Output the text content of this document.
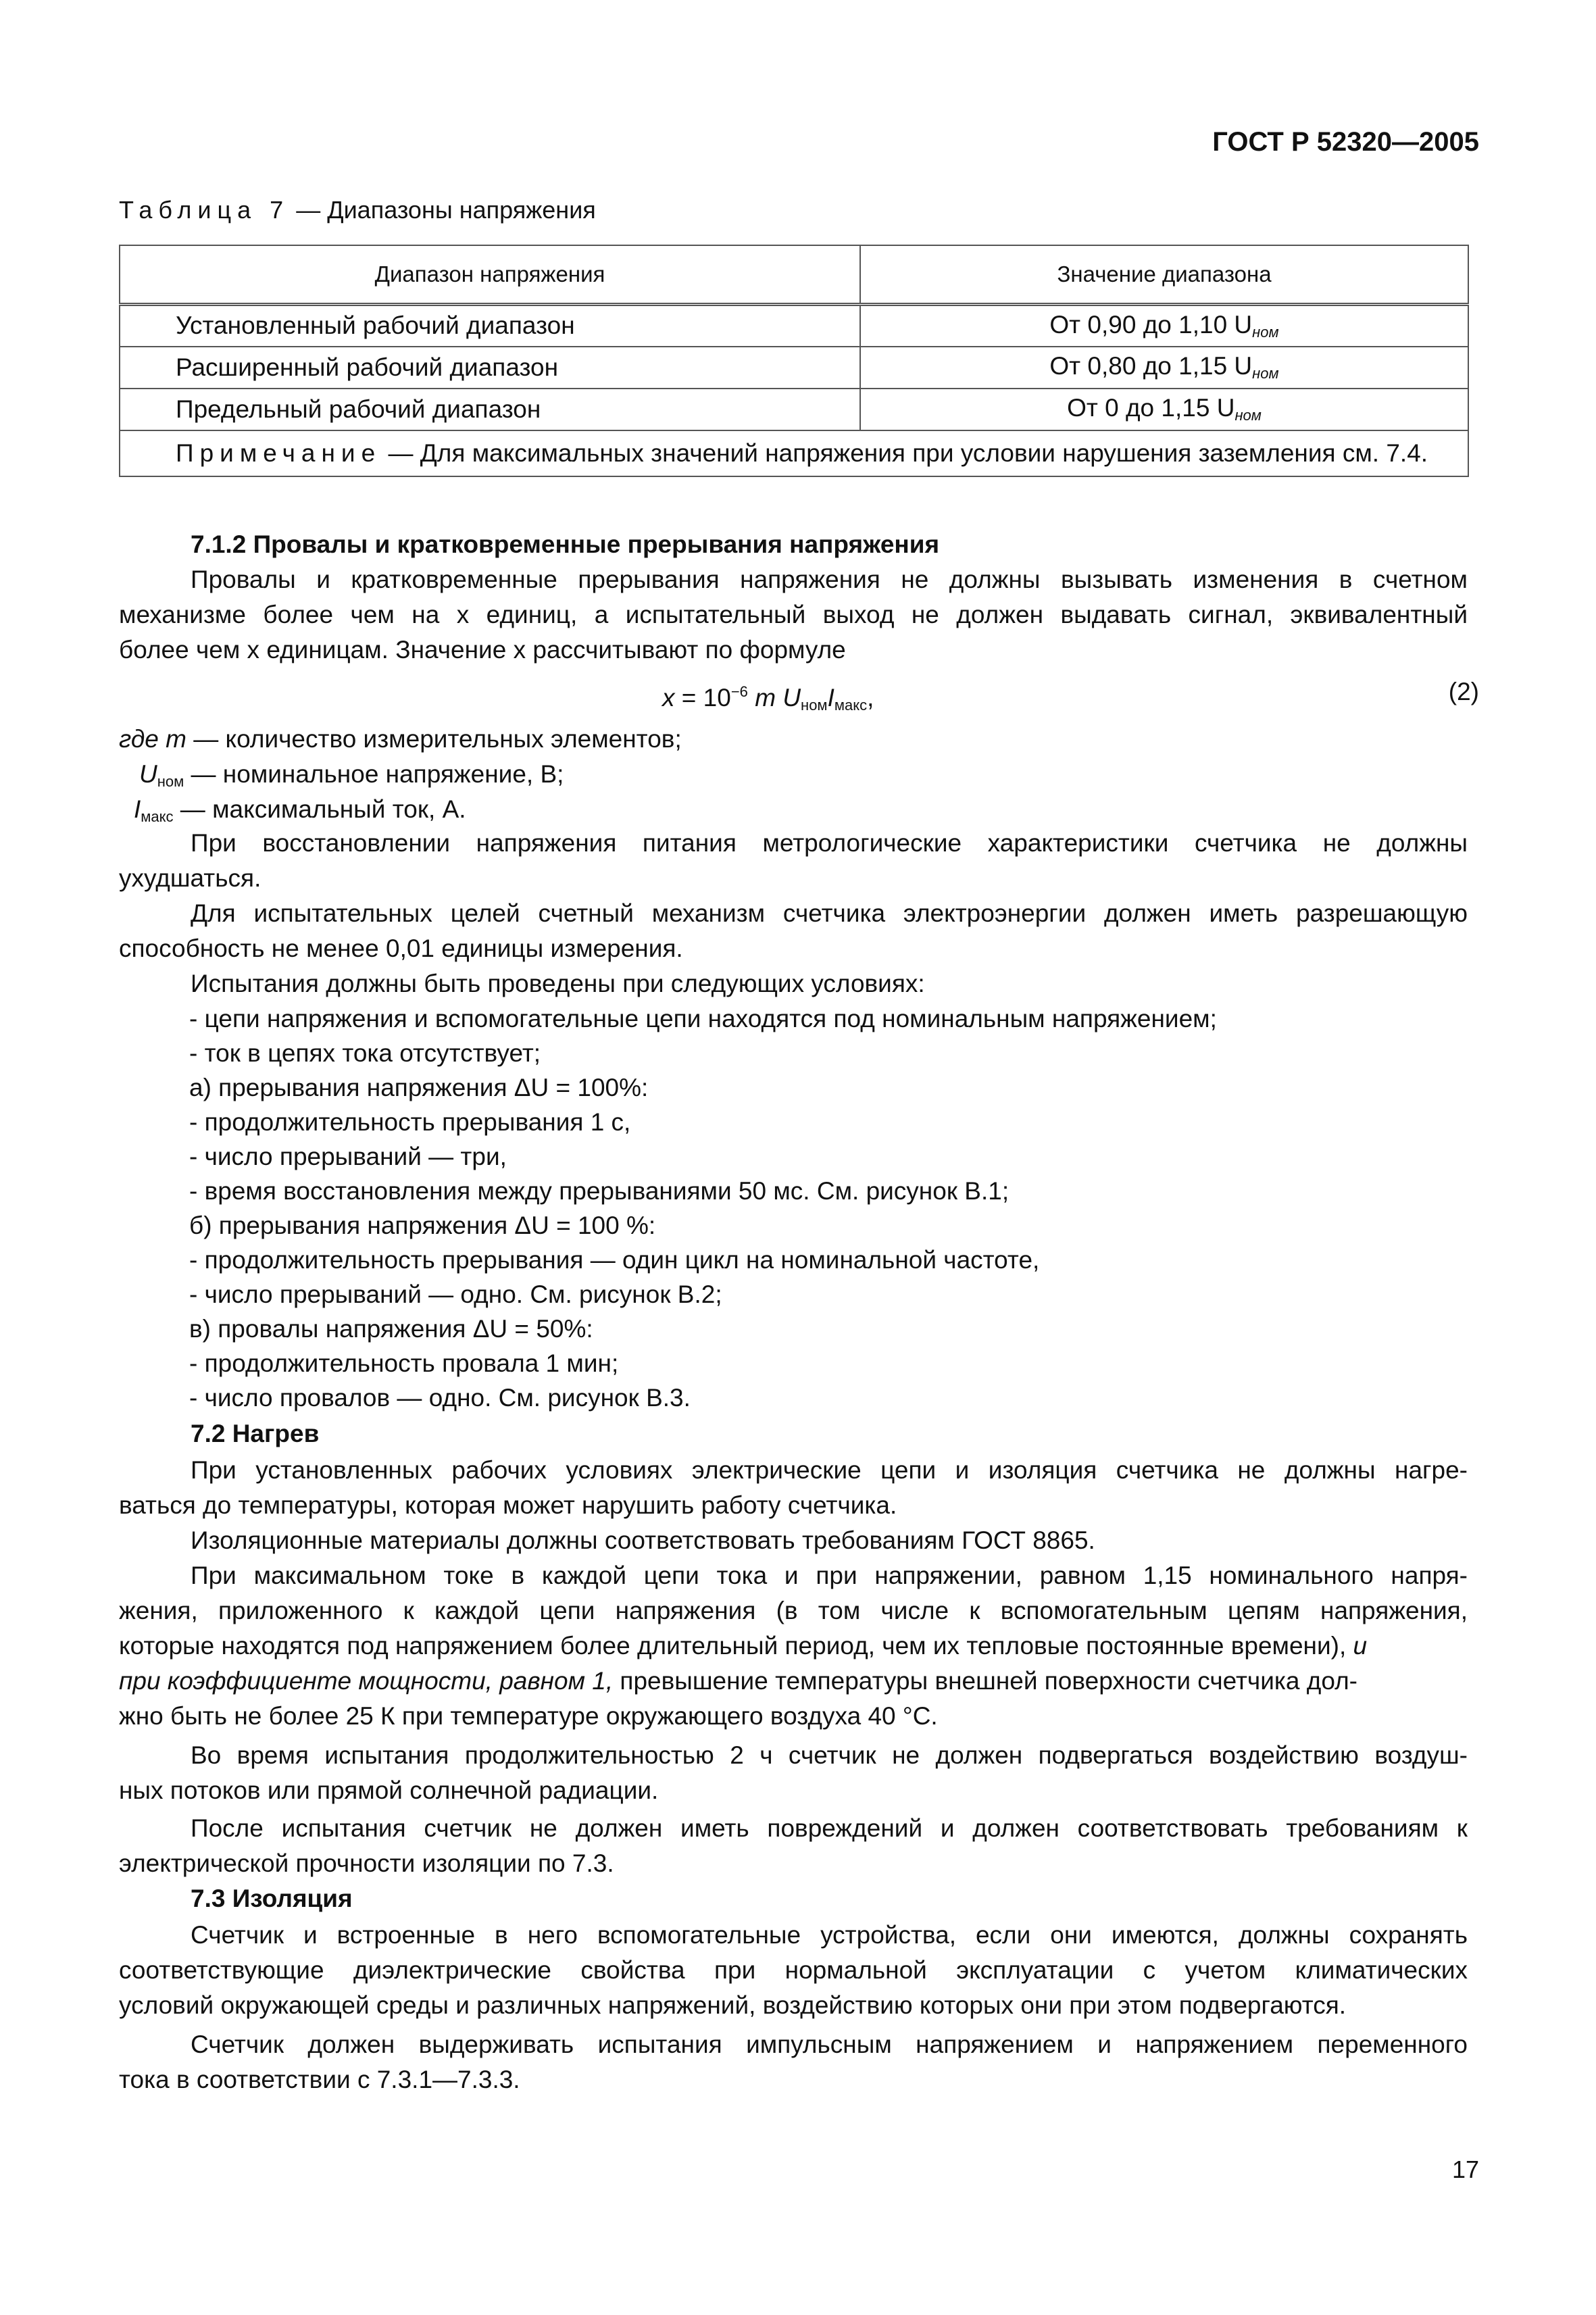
ГОСТ Р 52320—2005
Таблица 7 — Диапазоны напряжения
Диапазон напряжения	Значение диапазона
Установленный рабочий диапазон	От 0,90 до 1,10 $U_{ном}$
Расширенный рабочий диапазон	От 0,80 до 1,15 $U_{ном}$
Предельный рабочий диапазон	От 0 до 1,15 $U_{ном}$
Примечание — Для максимальных значений напряжения при условии нарушения заземления см. 7.4.	
7.1.2 Провалы и кратковременные прерывания напряжения
Провалы и кратковременные прерывания напряжения не должны вызывать изменения в счетном
механизме более чем на x единиц, а испытательный выход не должен выдавать сигнал, эквивалентный
более чем x единицам. Значение x рассчитывают по формуле
$x = 10^{-6}$ m $U_{ном}I_{макс}$,	(2)
где m — количество измерительных элементов;
$U_{ном}$ — номинальное напряжение, В;
$I_{макс}$ — максимальный ток, А.
При восстановлении напряжения питания метрологические характеристики счетчика не должны
ухудшаться.
Для испытательных целей счетный механизм счетчика электроэнергии должен иметь разрешающую
способность не менее 0,01 единицы измерения.
Испытания должны быть проведены при следующих условиях:
- цепи напряжения и вспомогательные цепи находятся под номинальным напряжением;
- ток в цепях тока отсутствует;
а) прерывания напряжения ΔU = 100%:
- продолжительность прерывания 1 с,
- число прерываний — три,
- время восстановления между прерываниями 50 мс. См. рисунок В.1;
б) прерывания напряжения ΔU = 100 %:
- продолжительность прерывания — один цикл на номинальной частоте,
- число прерываний — одно. См. рисунок В.2;
в) провалы напряжения ΔU = 50%:
- продолжительность провала 1 мин;
- число провалов — одно. См. рисунок В.3.
7.2 Нагрев
При установленных рабочих условиях электрические цепи и изоляция счетчика не должны нагре-
ваться до температуры, которая может нарушить работу счетчика.
Изоляционные материалы должны соответствовать требованиям ГОСТ 8865.
При максимальном токе в каждой цепи тока и при напряжении, равном 1,15 номинального напря-
жения, приложенного к каждой цепи напряжения (в том числе к вспомогательным цепям напряжения,
которые находятся под напряжением более длительный период, чем их тепловые постоянные времени), и
при коэффициенте мощности, равном 1, превышение температуры внешней поверхности счетчика дол-
жно быть не более 25 К при температуре окружающего воздуха 40 °С.
Во время испытания продолжительностью 2 ч счетчик не должен подвергаться воздействию воздуш-
ных потоков или прямой солнечной радиации.
После испытания счетчик не должен иметь повреждений и должен соответствовать требованиям к
электрической прочности изоляции по 7.3.
7.3 Изоляция
Счетчик и встроенные в него вспомогательные устройства, если они имеются, должны сохранять
соответствующие диэлектрические свойства при нормальной эксплуатации с учетом климатических
условий окружающей среды и различных напряжений, воздействию которых они при этом подвергаются.
Счетчик должен выдерживать испытания импульсным напряжением и напряжением переменного
тока в соответствии с 7.3.1—7.3.3.
17
